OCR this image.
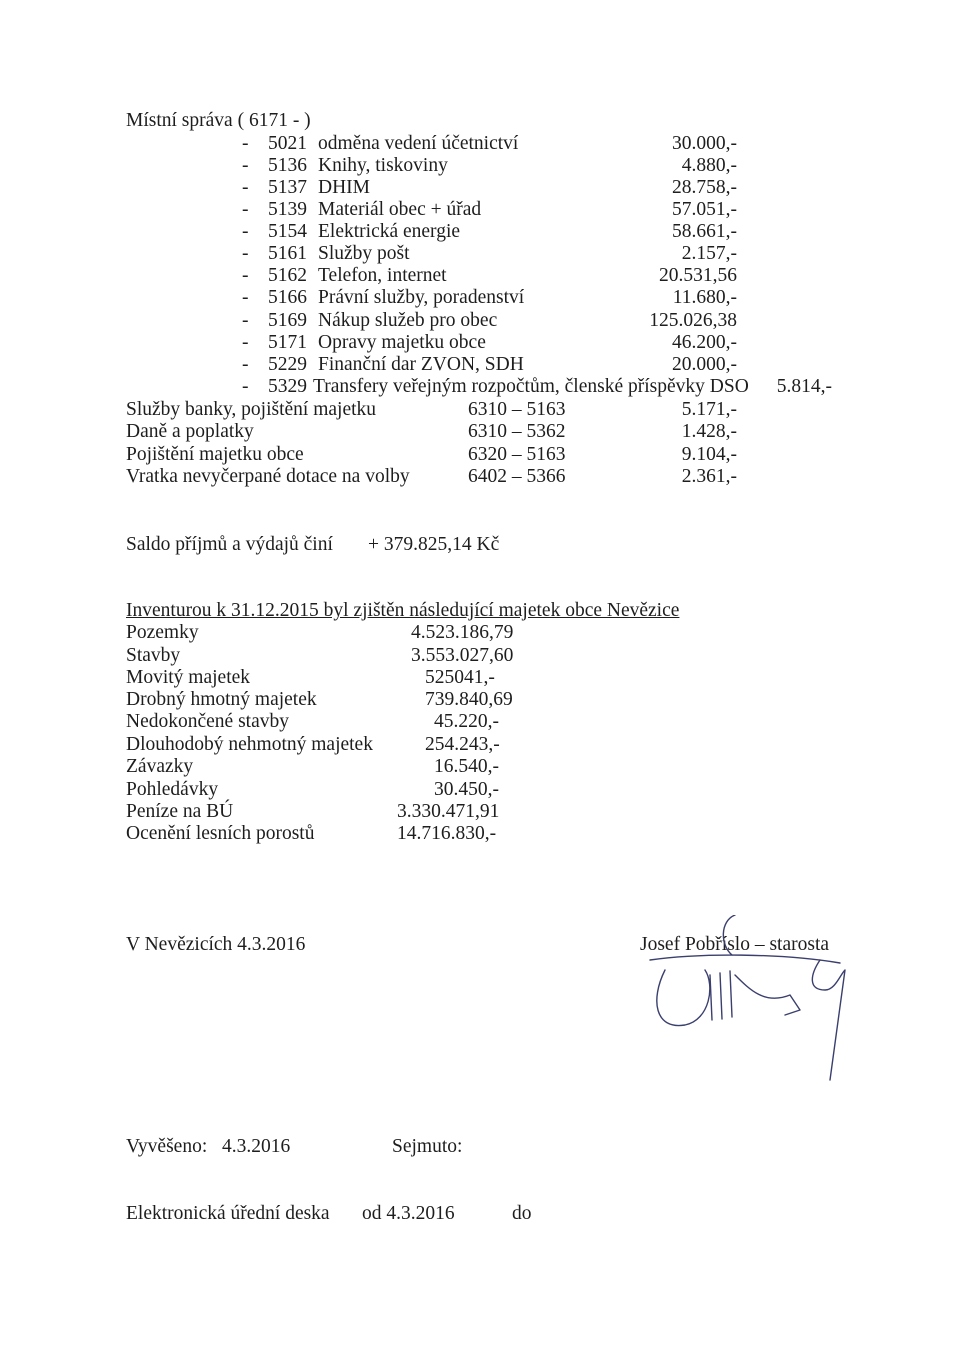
Místní správa ( 6171 - )
- 5021 odměna vedení účetnictví	30.000,-
- 5136 Knihy, tiskoviny	4.880,-
- 5137 DHIM	28.758,-
- 5139 Materiál obec + úřad	57.051,-
- 5154 Elektrická energie	58.661,-
- 5161 Služby pošt	2.157,-
- 5162 Telefon, internet	20.531,56
- 5166 Právní služby, poradenství	11.680,-
- 5169 Nákup služeb pro obec	125.026,38
- 5171 Opravy majetku obce	46.200,-
- 5229 Finanční dar ZVON, SDH	20.000,-
- 5329 Transfery veřejným rozpočtům, členské příspěvky DSO 5.814,-
Služby banky, pojištění majetku	6310 – 5163	5.171,-
Daně a poplatky	6310 – 5362	1.428,-
Pojištění majetku obce	6320 – 5163	9.104,-
Vratka nevyčerpané dotace na volby	6402 – 5366	2.361,-
Saldo příjmů a výdajů činí + 379.825,14 Kč
Inventurou k 31.12.2015 byl zjištěn následující majetek obce Nevězice
Pozemky	4.523.186,79
Stavby	3.553.027,60
Movitý majetek	525041,-
Drobný hmotný majetek	739.840,69
Nedokončené stavby	45.220,-
Dlouhodobý nehmotný majetek	254.243,-
Závazky	16.540,-
Pohledávky	30.450,-
Peníze na BÚ	3.330.471,91
Ocenění lesních porostů	14.716.830,-
V Nevězicích 4.3.2016	Josef Pobříslo – starosta
Vyvěšeno: 4.3.2016	Sejmuto:
Elektronická úřední deska od 4.3.2016	do
